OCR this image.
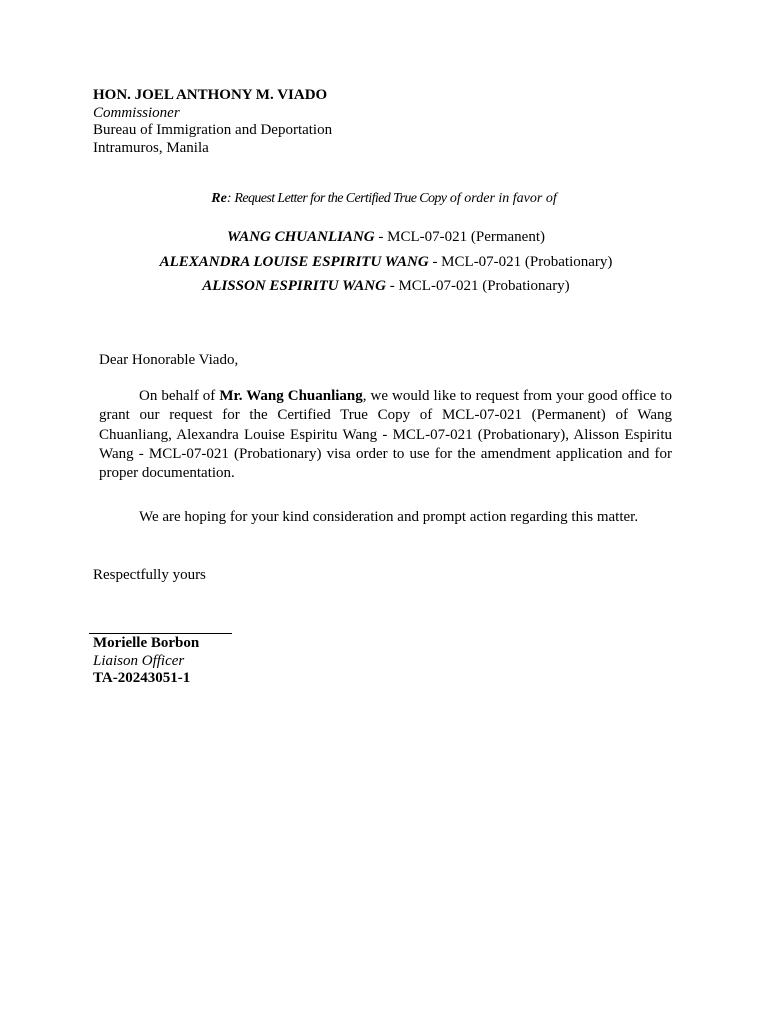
HON. JOEL ANTHONY M. VIADO
Commissioner
Bureau of Immigration and Deportation
Intramuros, Manila
Re: Request Letter for the Certified True Copy of order in favor of
WANG CHUANLIANG - MCL-07-021 (Permanent)
ALEXANDRA LOUISE ESPIRITU WANG - MCL-07-021 (Probationary)
ALISSON ESPIRITU WANG - MCL-07-021 (Probationary)
Dear Honorable Viado,

On behalf of Mr. Wang Chuanliang, we would like to request from your good office to grant our request for the Certified True Copy of MCL-07-021 (Permanent) of Wang Chuanliang, Alexandra Louise Espiritu Wang - MCL-07-021 (Probationary), Alisson Espiritu Wang - MCL-07-021 (Probationary) visa order to use for the amendment application and for proper documentation.

We are hoping for your kind consideration and prompt action regarding this matter.

Respectfully yours
Morielle Borbon
Liaison Officer
TA-20243051-1
